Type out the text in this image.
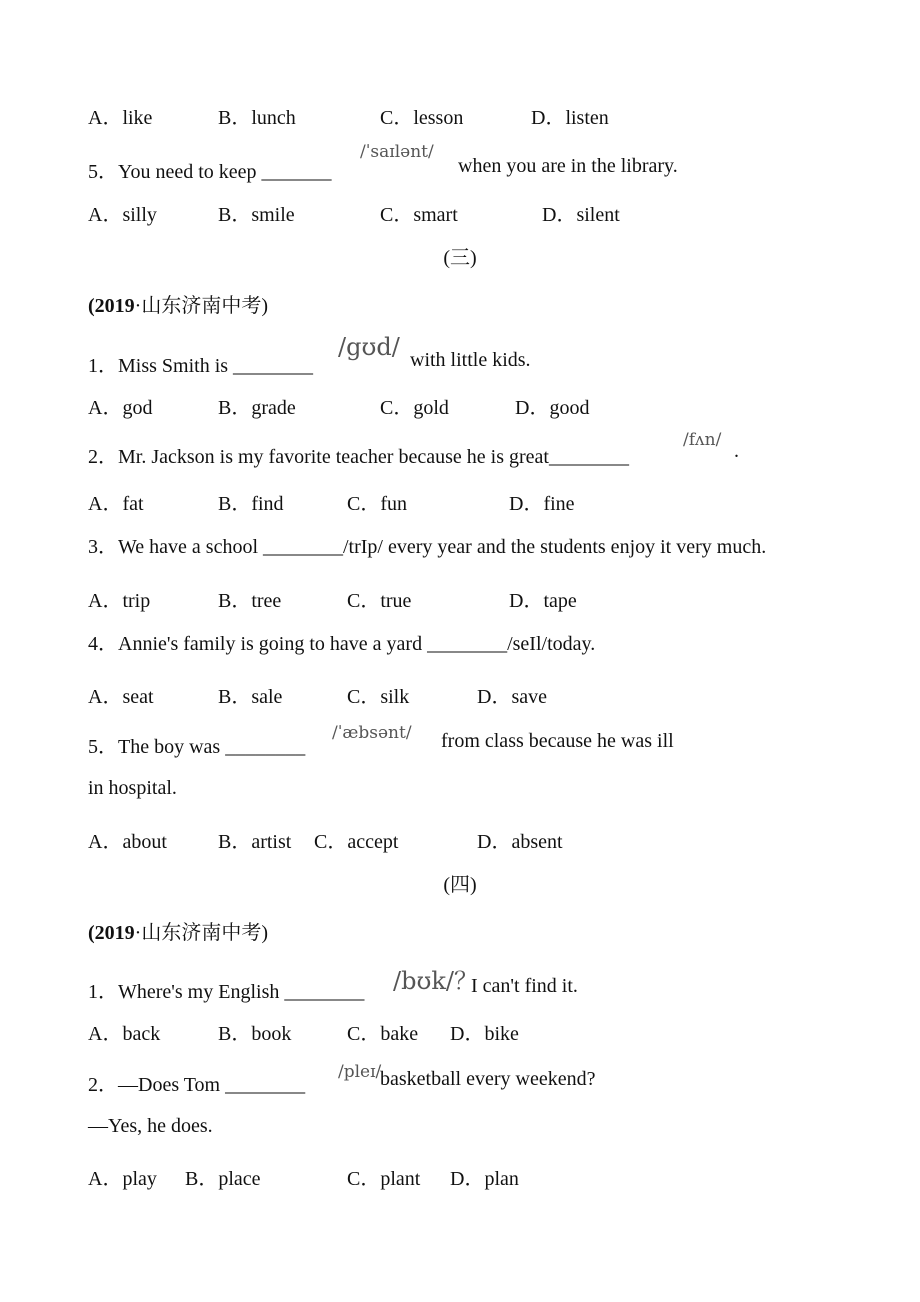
A．like	B．lunch	C．lesson	D．listen
5．You need to keep _______
/ˈsaɪlənt/
when you are in the library.
A．silly	B．smile	C．smart	D．silent
(三)
(2019·山东济南中考)
1．Miss Smith is ________
/gʊd/ with little kids.
A．god	B．grade	C．gold	D．good
2．Mr. Jackson is my favorite teacher because he is great________
/fʌn/ .
A．fat	B．find	C．fun	D．fine
3．We have a school ________/trIp/ every year and the students enjoy it very much.
A．trip	B．tree	C．true	D．tape
4．Annie's family is going to have a yard ________/seIl/today.
A．seat	B．sale	C．silk	D．save
5．The boy was ________
/ˈæbsənt/ from class because he was ill
in hospital.
A．about	B．artist C．accept	D．absent
(四)
(2019·山东济南中考)
1．Where's my English ________ /bʊk/？
I can't find it.
A．back	B．book	C．bake D．bike
2．—Does Tom ________
/pleɪ/
basketball every weekend?
—Yes, he does.
A．play B．place	C．plant D．plan
